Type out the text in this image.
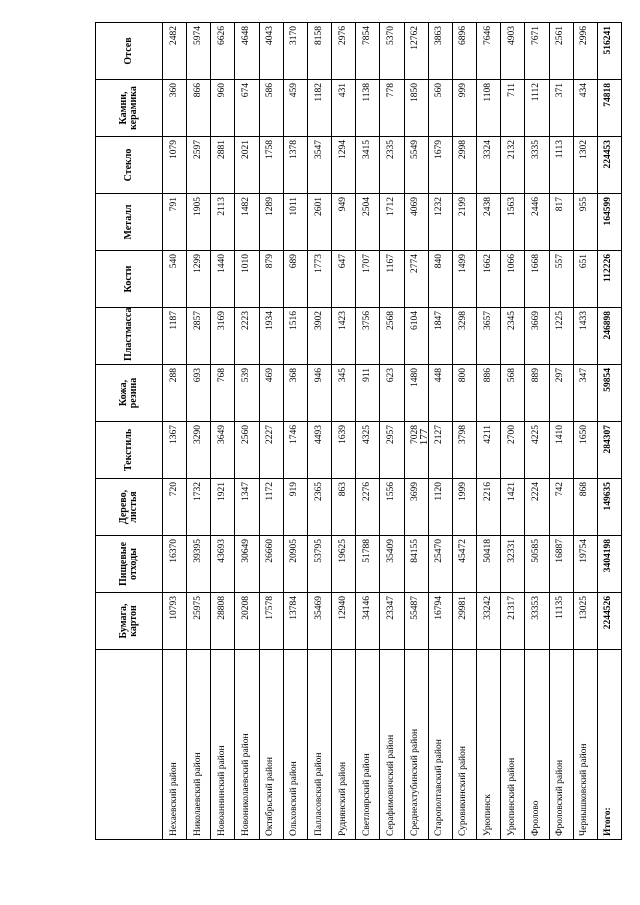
	Бумага, картон	Пищевые отходы	Дерево, листья	Текстиль	Кожа, резина	Пластмасса	Кости	Металл	Стекло	Камни, керамика	Отсев
Нехаевский район	10793	16370	720	1367	288	1187	540	791	1079	360	2482
Николаевский район	25975	39395	1732	3290	693	2857	1299	1905	2597	866	5974
Новоаннинский район	28808	43693	1921	3649	768	3169	1440	2113	2881	960	6626
Новониколаевский район	20208	30649	1347	2560	539	2223	1010	1482	2021	674	4648
Октябрьский район	17578	26660	1172	2227	469	1934	879	1289	1758	586	4043
Ольховский район	13784	20905	919	1746	368	1516	689	1011	1378	459	3170
Палласовский район	35469	53795	2365	4493	946	3902	1773	2601	3547	1182	8158
Руднянский район	12940	19625	863	1639	345	1423	647	949	1294	431	2976
Светлоярский район	34146	51788	2276	4325	911	3756	1707	2504	3415	1138	7854
Серафимовичский район	23347	35409	1556	2957	623	2568	1167	1712	2335	778	5370
Среднеахтубинский район	55487	84155	3699	7028	1480	6104	2774	4069	5549	1850	12762
Старополтавский район	16794	25470	1120	2127	448	1847	840	1232	1679	560	3863
Суровикинский район	29981	45472	1999	3798	800	3298	1499	2199	2998	999	6896
Урюпинск	33242	50418	2216	4211	886	3657	1662	2438	3324	1108	7646
Урюпинский район	21317	32331	1421	2700	568	2345	1066	1563	2132	711	4903
Фролово	33353	50585	2224	4225	889	3669	1668	2446	3335	1112	7671
Фроловский район	11135	16887	742	1410	297	1225	557	817	1113	371	2561
Чернышковский район	13025	19754	868	1650	347	1433	651	955	1302	434	2996
Итого:	2244526	3404198	149635	284307	59854	246898	112226	164599	224453	74818	516241
177
